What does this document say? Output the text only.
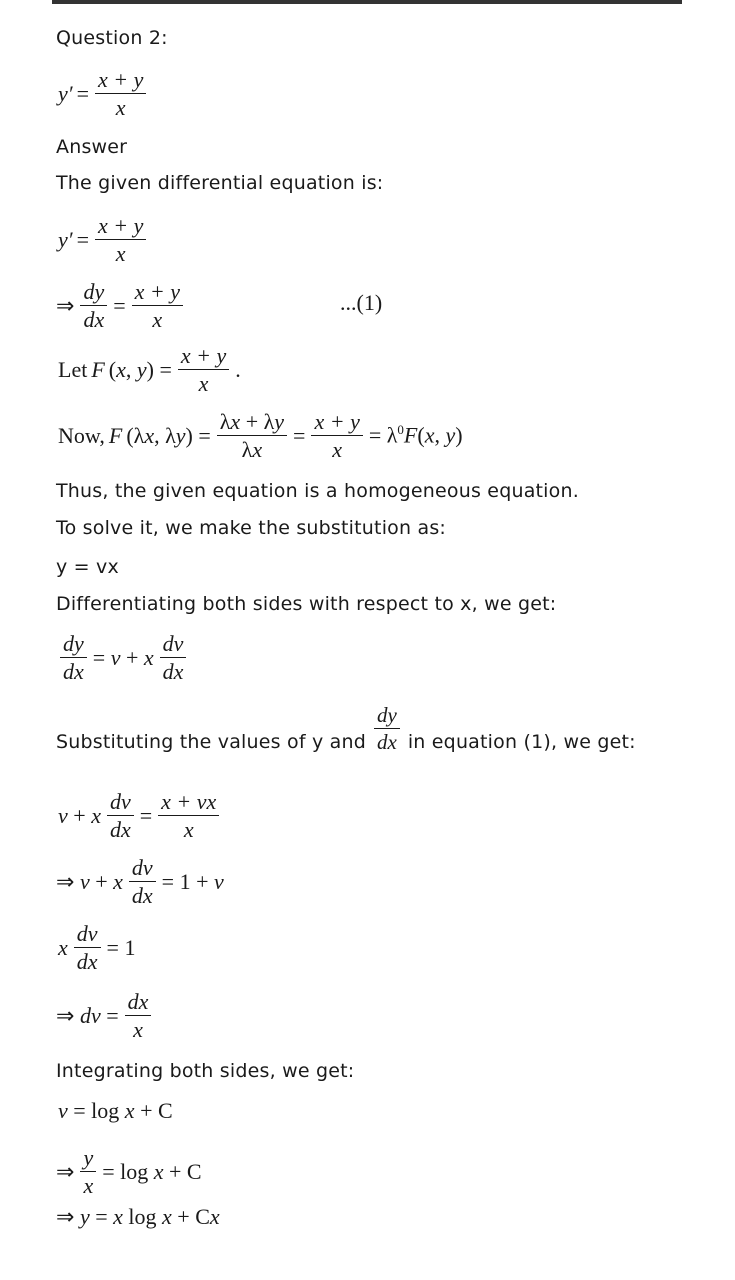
Question 2:
$y' = \frac{x + y}{x}$
Answer
The given differential equation is:
$y' = \frac{x + y}{x}$
⇒ $\frac{dy}{dx} = \frac{x + y}{x}$	...(1)
Let F (x, $y) = \frac{x + y}{x}$ .
Now, F (λx, $\lambda y) = \frac{\lambda x + \lambda y}{\lambda x} = \frac{x + y}{x} = \lambda^0F(x$, y)
Thus, the given equation is a homogeneous equation.
To solve it, we make the substitution as:
y = vx
Differentiating both sides with respect to x, we get:
$\frac{dy}{dx} = v + x \frac{dv}{dx}$
Substituting the values of y and $\frac{dy}{dx}$ in equation (1), we get:
v + x $\frac{dv}{dx} = \frac{x + vx}{x}$
⇒ v + x $\frac{dv}{dx} = 1 + v$
x $\frac{dv}{dx} = 1$
⇒ dv = $\frac{dx}{x}$
Integrating both sides, we get:
v = log x + C
⇒ $\frac{y}{x} = \log x + C$
⇒ y = x log x + Cx
